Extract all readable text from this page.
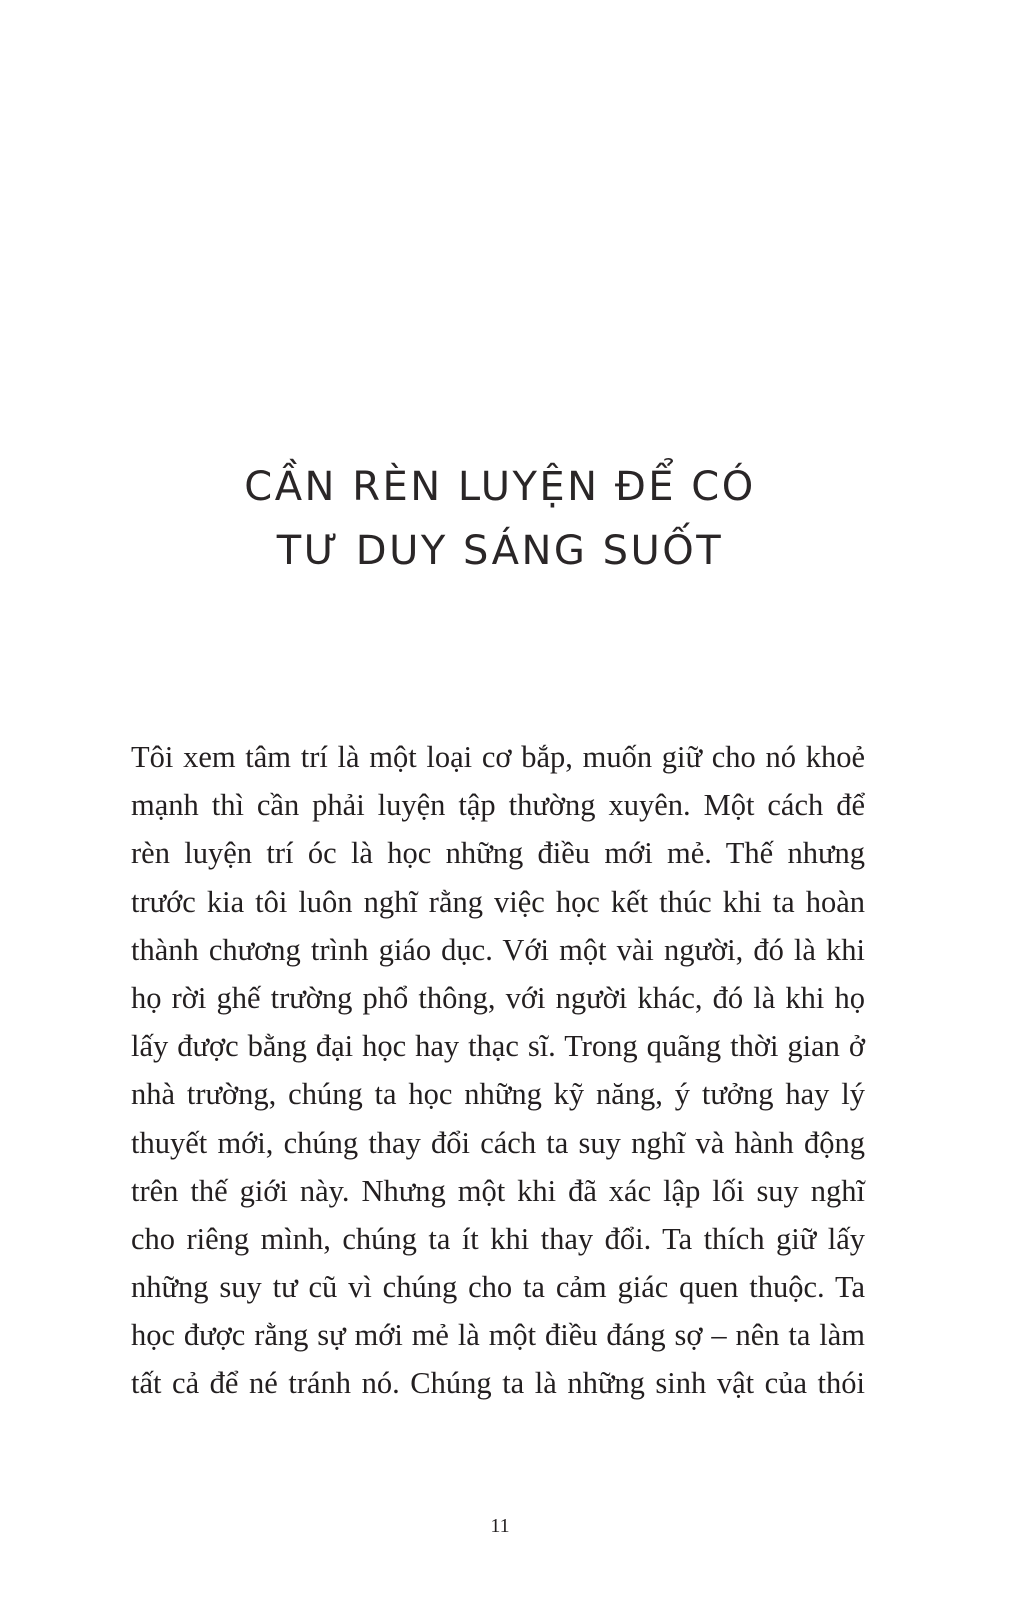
CẦN RÈN LUYỆN ĐỂ CÓ
TƯ DUY SÁNG SUỐT
Tôi xem tâm trí là một loại cơ bắp, muốn giữ cho nó khoẻ
mạnh thì cần phải luyện tập thường xuyên. Một cách để
rèn luyện trí óc là học những điều mới mẻ. Thế nhưng
trước kia tôi luôn nghĩ rằng việc học kết thúc khi ta hoàn
thành chương trình giáo dục. Với một vài người, đó là khi
họ rời ghế trường phổ thông, với người khác, đó là khi họ
lấy được bằng đại học hay thạc sĩ. Trong quãng thời gian ở
nhà trường, chúng ta học những kỹ năng, ý tưởng hay lý
thuyết mới, chúng thay đổi cách ta suy nghĩ và hành động
trên thế giới này. Nhưng một khi đã xác lập lối suy nghĩ
cho riêng mình, chúng ta ít khi thay đổi. Ta thích giữ lấy
những suy tư cũ vì chúng cho ta cảm giác quen thuộc. Ta
học được rằng sự mới mẻ là một điều đáng sợ – nên ta làm
tất cả để né tránh nó. Chúng ta là những sinh vật của thói
11
